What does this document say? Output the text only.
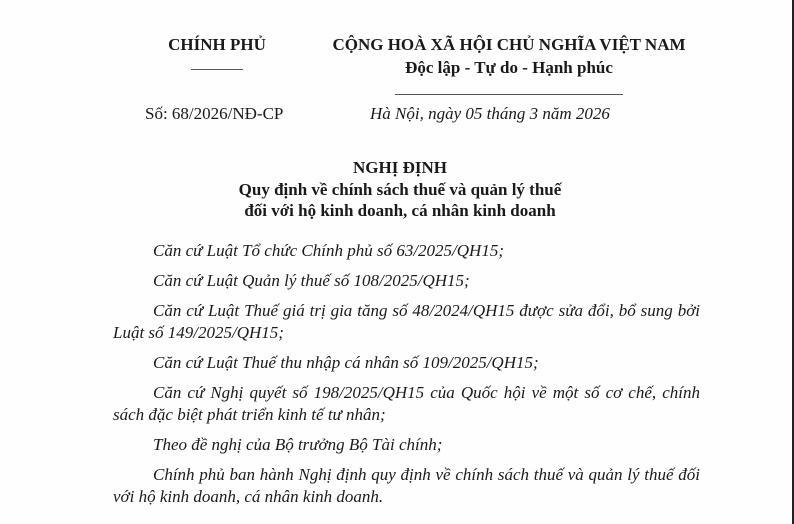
CHÍNH PHỦ	CỘNG HOÀ XÃ HỘI CHỦ NGHĨA VIỆT NAM
Độc lập - Tự do - Hạnh phúc
Số: 68/2026/NĐ-CP	Hà Nội, ngày 05 tháng 3 năm 2026
NGHỊ ĐỊNH
Quy định về chính sách thuế và quản lý thuế
đối với hộ kinh doanh, cá nhân kinh doanh

Căn cứ Luật Tổ chức Chính phủ số 63/2025/QH15;

Căn cứ Luật Quản lý thuế số 108/2025/QH15;

Căn cứ Luật Thuế giá trị gia tăng số 48/2024/QH15 được sửa đổi, bổ sung bởi Luật số 149/2025/QH15;

Căn cứ Luật Thuế thu nhập cá nhân số 109/2025/QH15;

Căn cứ Nghị quyết số 198/2025/QH15 của Quốc hội về một số cơ chế, chính sách đặc biệt phát triển kinh tế tư nhân;

Theo đề nghị của Bộ trưởng Bộ Tài chính;

Chính phủ ban hành Nghị định quy định về chính sách thuế và quản lý thuế đối với hộ kinh doanh, cá nhân kinh doanh.
